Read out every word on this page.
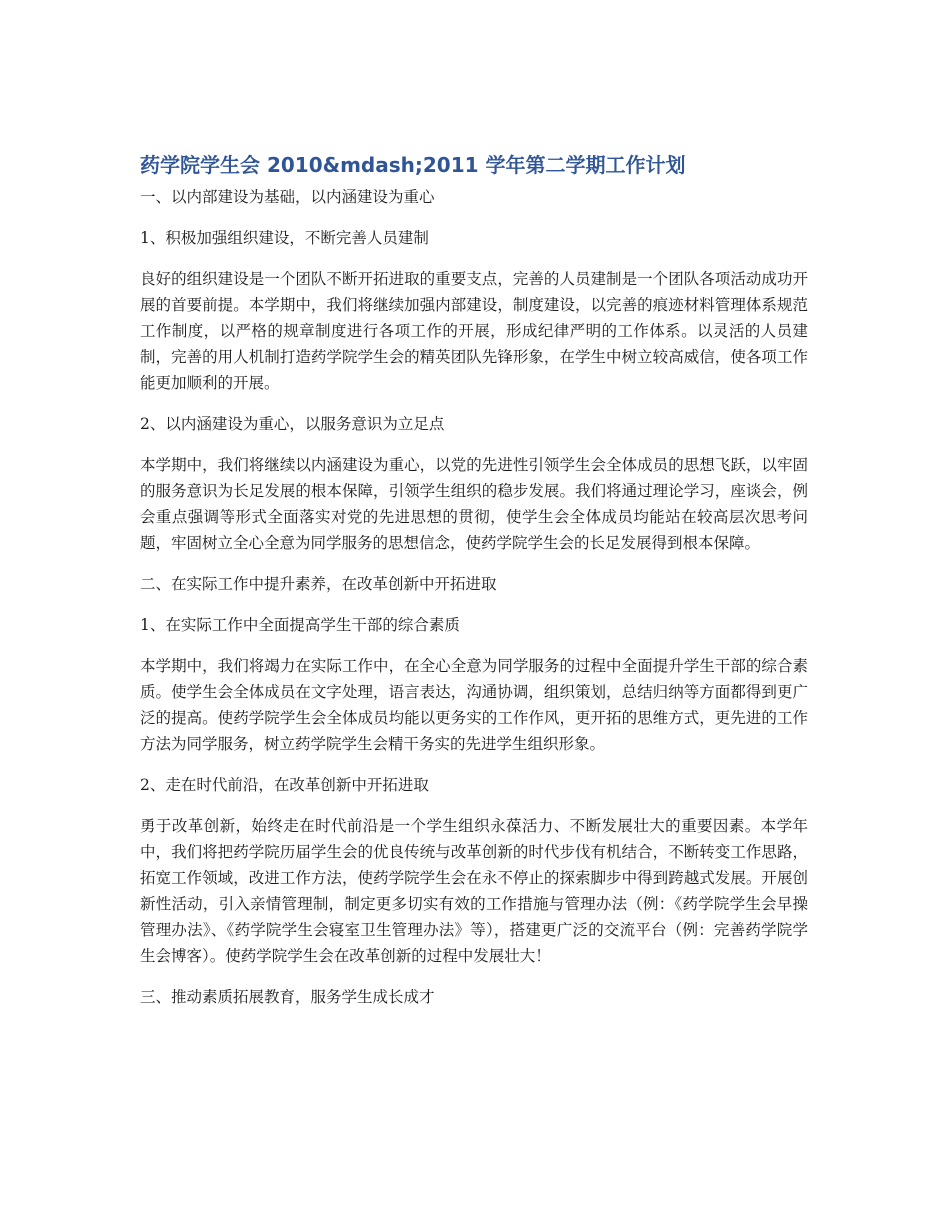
药学院学生会 2010&mdash;2011 学年第二学期工作计划

一、以内部建设为基础，以内涵建设为重心

1、积极加强组织建设，不断完善人员建制

良好的组织建设是一个团队不断开拓进取的重要支点，完善的人员建制是一个团队各项活动成功开展的首要前提。本学期中，我们将继续加强内部建设，制度建设，以完善的痕迹材料管理体系规范工作制度，以严格的规章制度进行各项工作的开展，形成纪律严明的工作体系。以灵活的人员建制，完善的用人机制打造药学院学生会的精英团队先锋形象，在学生中树立较高威信，使各项工作能更加顺利的开展。

2、以内涵建设为重心，以服务意识为立足点

本学期中，我们将继续以内涵建设为重心，以党的先进性引领学生会全体成员的思想飞跃，以牢固的服务意识为长足发展的根本保障，引领学生组织的稳步发展。我们将通过理论学习，座谈会，例会重点强调等形式全面落实对党的先进思想的贯彻，使学生会全体成员均能站在较高层次思考问题，牢固树立全心全意为同学服务的思想信念，使药学院学生会的长足发展得到根本保障。

二、在实际工作中提升素养，在改革创新中开拓进取

1、在实际工作中全面提高学生干部的综合素质

本学期中，我们将竭力在实际工作中，在全心全意为同学服务的过程中全面提升学生干部的综合素质。使学生会全体成员在文字处理，语言表达，沟通协调，组织策划，总结归纳等方面都得到更广泛的提高。使药学院学生会全体成员均能以更务实的工作作风，更开拓的思维方式，更先进的工作方法为同学服务，树立药学院学生会精干务实的先进学生组织形象。

2、走在时代前沿，在改革创新中开拓进取

勇于改革创新，始终走在时代前沿是一个学生组织永葆活力、不断发展壮大的重要因素。本学年中，我们将把药学院历届学生会的优良传统与改革创新的时代步伐有机结合，不断转变工作思路，拓宽工作领域，改进工作方法，使药学院学生会在永不停止的探索脚步中得到跨越式发展。开展创新性活动，引入亲情管理制，制定更多切实有效的工作措施与管理办法（例：《药学院学生会早操管理办法》、《药学院学生会寝室卫生管理办法》等），搭建更广泛的交流平台（例：完善药学院学生会博客）。使药学院学生会在改革创新的过程中发展壮大！

三、推动素质拓展教育，服务学生成长成才
